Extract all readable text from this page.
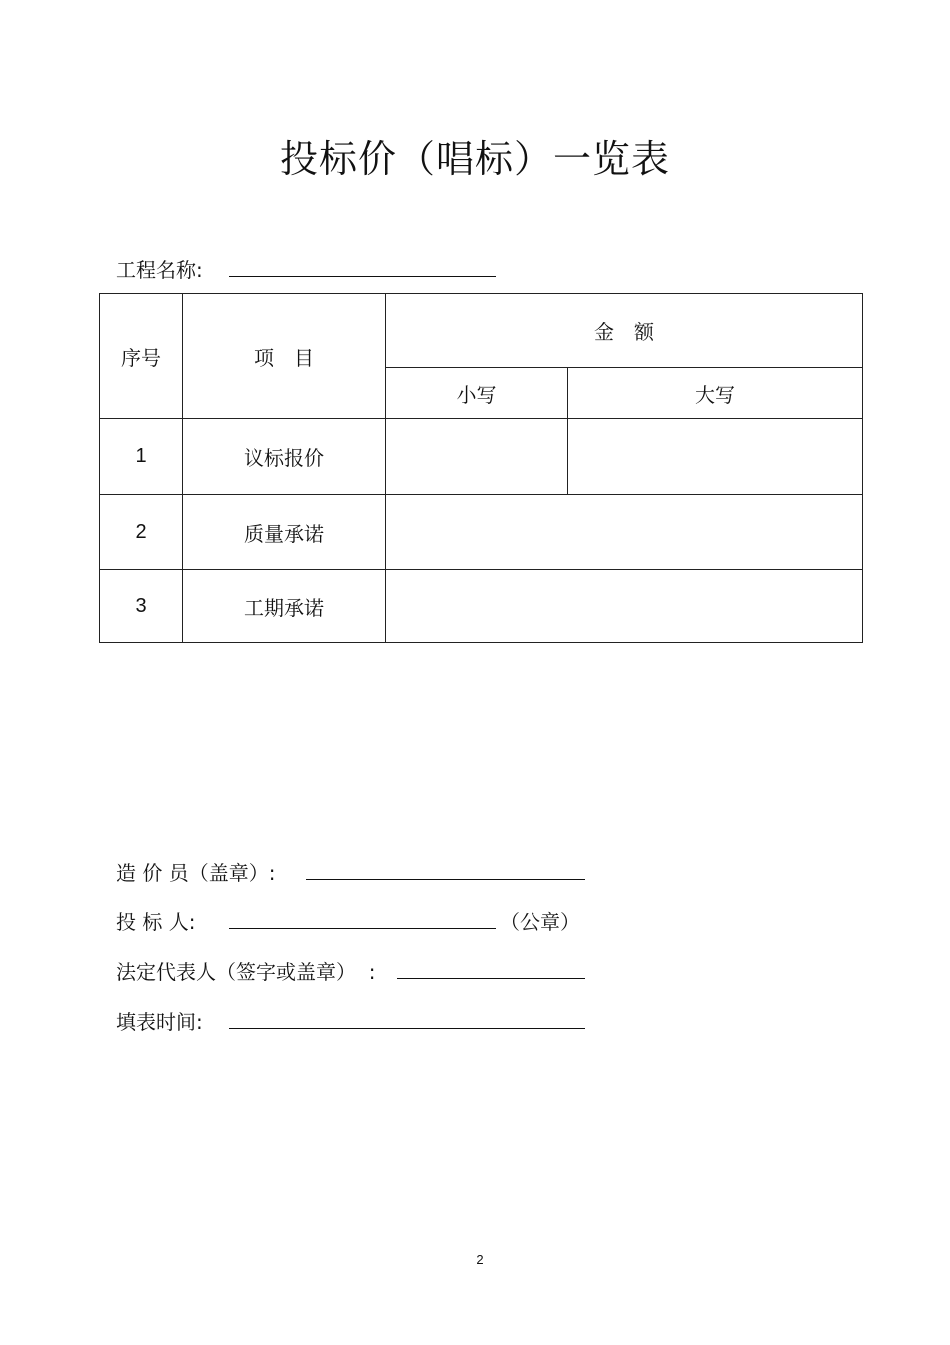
投标价（唱标）一览表
工程名称:
序号	项　目	金　额	
		小写	大写
1	议标报价		
2	质量承诺		
3	工期承诺		
造 价 员（盖章）:
投 标 人:	（公章）
法定代表人（签字或盖章）  :
填表时间:
2
